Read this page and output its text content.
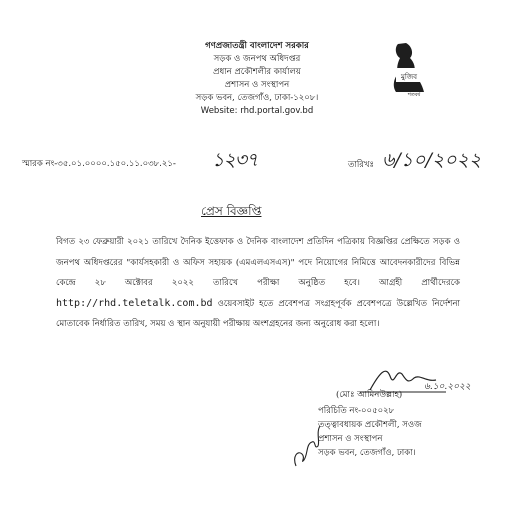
গণপ্রজাতন্ত্রী বাংলাদেশ সরকার
সড়ক ও জনপথ অধিদপ্তর
প্রধান প্রকৌশলীর কার্যালয়
প্রশাসন ও সংস্থাপন
সড়ক ভবন, তেজগাঁও, ঢাকা-১২০৮।
Website: rhd.portal.gov.bd
মুজিব
শতবর্ষ
স্মারক নং-৩৫.০১.০০০০.১৫০.১১.০৩৮.২১- ১২৩৭	তারিখঃ ৬/১০/২০২২
প্রেস বিজ্ঞপ্তি
বিগত ২৩ ফেব্রুয়ারী ২০২১ তারিখে দৈনিক ইত্তেফাক ও দৈনিক বাংলাদেশ প্রতিদিন পত্রিকায় বিজ্ঞপ্তির প্রেক্ষিতে সড়ক ও জনপথ অধিদপ্তরের "কার্যসহকারী ও অফিস সহায়ক (এমএলএসএস)" পদে নিয়োগের নিমিত্তে আবেদনকারীদের বিভিন্ন কেন্দ্রে ২৮ অক্টোবর ২০২২ তারিখে পরীক্ষা অনুষ্ঠিত হবে। আগ্রহী প্রার্থীদেরকে http://rhd.teletalk.com.bd ওয়েবসাইট হতে প্রবেশপত্র সংগ্রহপূর্বক প্রবেশপত্রে উল্লেখিত নির্দেশনা মোতাবেক নির্ধারিত তারিখ, সময় ও স্থান অনুযায়ী পরীক্ষায় অংশগ্রহনের জন্য অনুরোধ করা হলো।
৬.১০.২০২২
(মোঃ আমিনউল্লাহ)
পরিচিতি নং-০০৫০২৮
তত্ত্বাবধায়ক প্রকৌশলী, সওজ
প্রশাসন ও সংস্থাপন
সড়ক ভবন, তেজগাঁও, ঢাকা।
